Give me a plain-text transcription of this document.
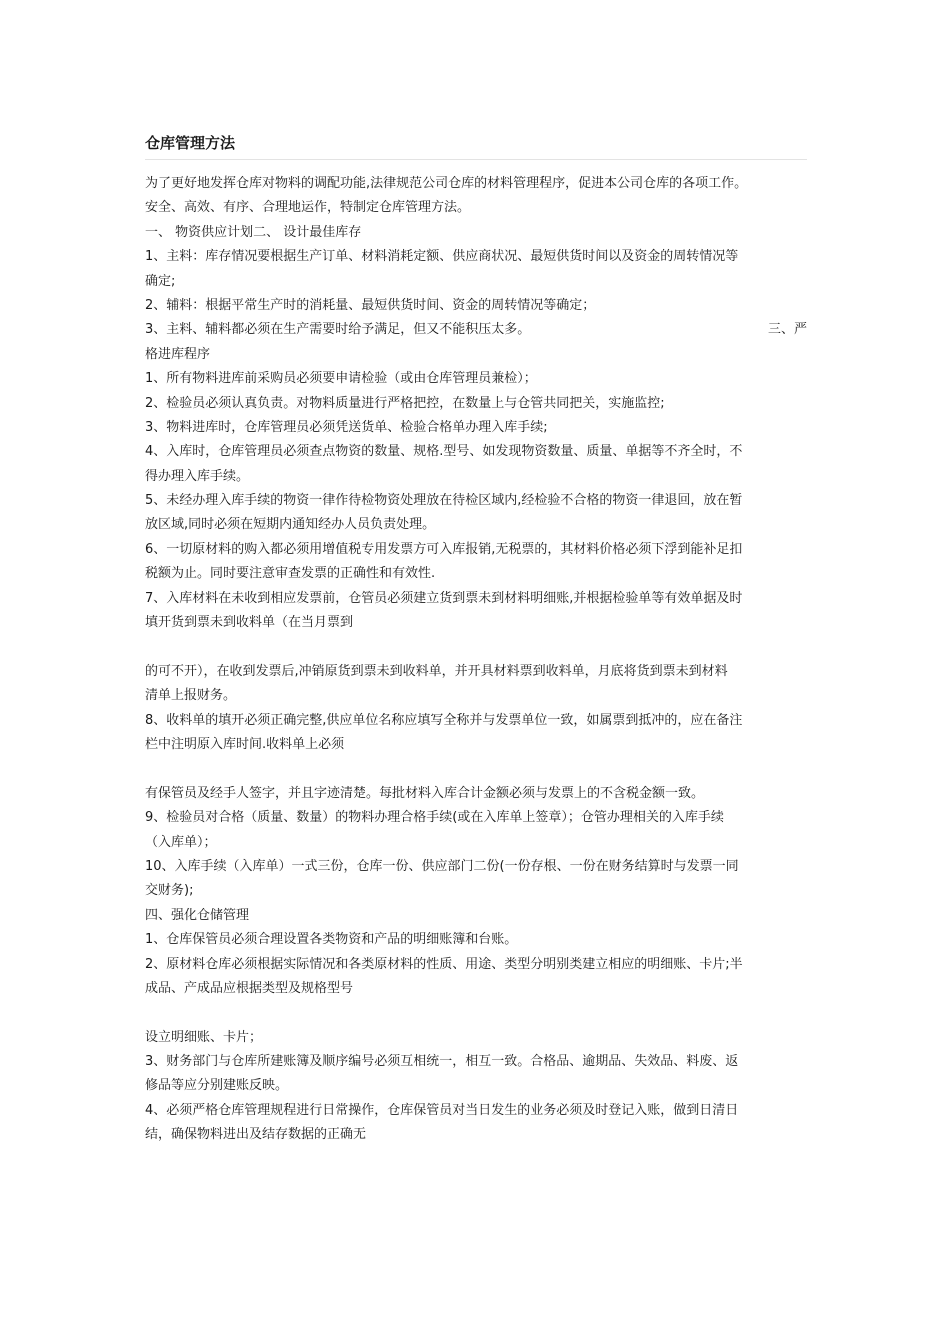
仓库管理方法
为了更好地发挥仓库对物料的调配功能,法律规范公司仓库的材料管理程序，促进本公司仓库的各项工作。
安全、高效、有序、合理地运作，特制定仓库管理方法。
一、 物资供应计划二、 设计最佳库存
1、主料：库存情况要根据生产订单、材料消耗定额、供应商状况、最短供货时间以及资金的周转情况等
确定;
2、辅料：根据平常生产时的消耗量、最短供货时间、资金的周转情况等确定；
3、主料、辅料都必须在生产需要时给予满足，但又不能积压太多。	三、严
格进库程序
1、所有物料进库前采购员必须要申请检验（或由仓库管理员兼检）；
2、检验员必须认真负责。对物料质量进行严格把控，在数量上与仓管共同把关，实施监控;
3、物料进库时，仓库管理员必须凭送货单、检验合格单办理入库手续;
4、入库时，仓库管理员必须查点物资的数量、规格.型号、如发现物资数量、质量、单据等不齐全时，不
得办理入库手续。
5、未经办理入库手续的物资一律作待检物资处理放在待检区域内,经检验不合格的物资一律退回，放在暂
放区域,同时必须在短期内通知经办人员负责处理。
6、一切原材料的购入都必须用增值税专用发票方可入库报销,无税票的，其材料价格必须下浮到能补足扣
税额为止。同时要注意审查发票的正确性和有效性.
7、入库材料在未收到相应发票前，仓管员必须建立货到票未到材料明细账,并根据检验单等有效单据及时
填开货到票未到收料单（在当月票到
的可不开），在收到发票后,冲销原货到票未到收料单，并开具材料票到收料单，月底将货到票未到材料
清单上报财务。
8、收料单的填开必须正确完整,供应单位名称应填写全称并与发票单位一致，如属票到抵冲的，应在备注
栏中注明原入库时间.收料单上必须
有保管员及经手人签字，并且字迹清楚。每批材料入库合计金额必须与发票上的不含税金额一致。
9、检验员对合格（质量、数量）的物料办理合格手续(或在入库单上签章）；仓管办理相关的入库手续
（入库单）；
10、入库手续（入库单）一式三份，仓库一份、供应部门二份(一份存根、一份在财务结算时与发票一同
交财务);
四、强化仓储管理
1、仓库保管员必须合理设置各类物资和产品的明细账簿和台账。
2、原材料仓库必须根据实际情况和各类原材料的性质、用途、类型分明别类建立相应的明细账、卡片;半
成品、产成品应根据类型及规格型号
设立明细账、卡片；
3、财务部门与仓库所建账簿及顺序编号必须互相统一，相互一致。合格品、逾期品、失效品、料废、返
修品等应分别建账反映。
4、必须严格仓库管理规程进行日常操作，仓库保管员对当日发生的业务必须及时登记入账，做到日清日
结，确保物料进出及结存数据的正确无
